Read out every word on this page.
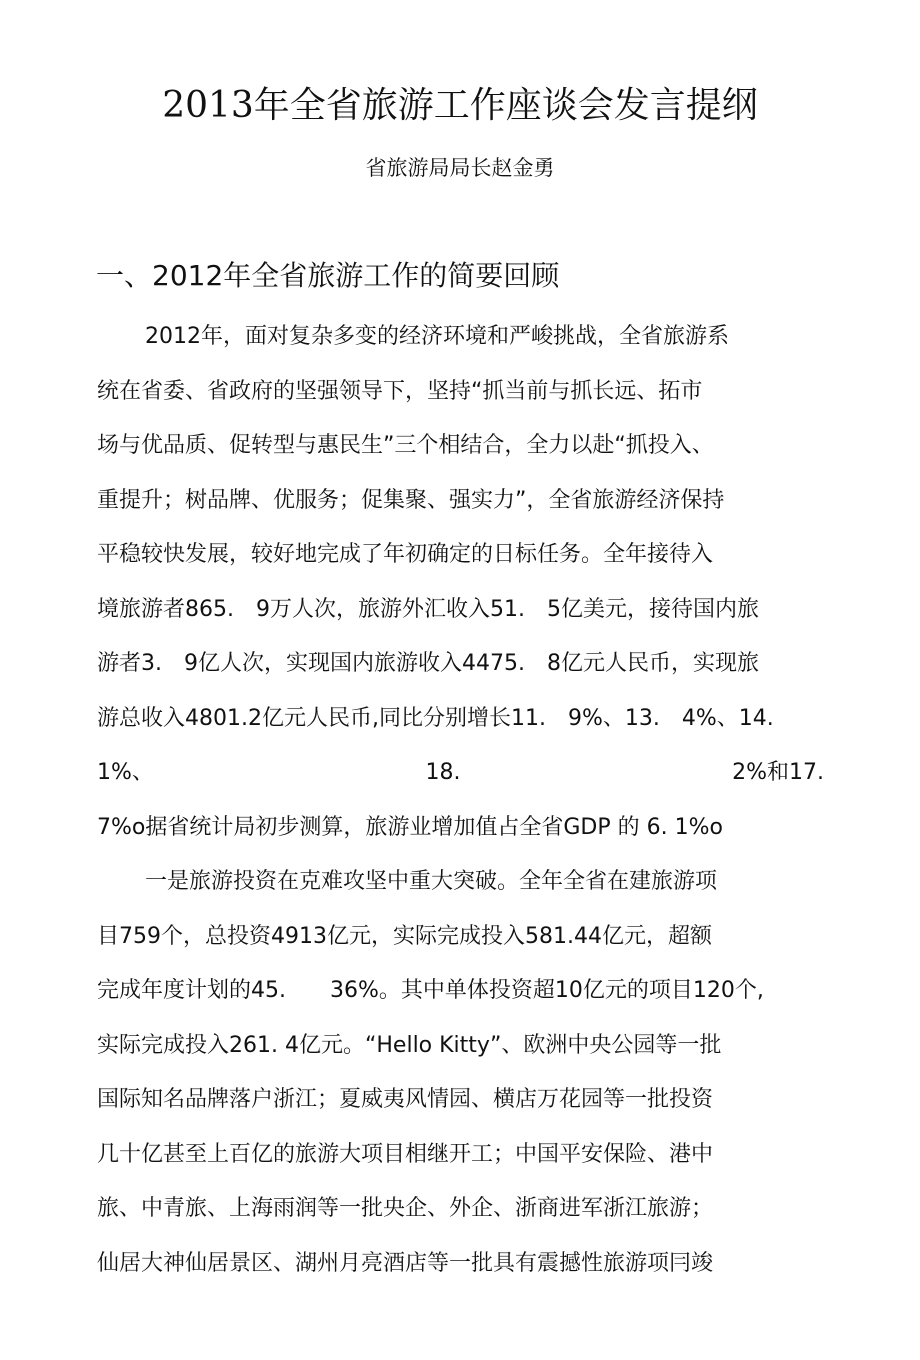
2013年全省旅游工作座谈会发言提纲
省旅游局局长赵金勇
一、2012年全省旅游工作的简要回顾
2012年，面对复杂多变的经济环境和严峻挑战，全省旅游系
统在省委、省政府的坚强领导下，坚持“抓当前与抓长远、拓市
场与优品质、促转型与惠民生”三个相结合，全力以赴“抓投入、
重提升；树品牌、优服务；促集聚、强实力”，全省旅游经济保持
平稳较快发展，较好地完成了年初确定的日标任务。全年接待入
境旅游者865.　9万人次，旅游外汇收入51.　5亿美元，接待国内旅
游者3.　9亿人次，实现国内旅游收入4475.　8亿元人民币，实现旅
游总收入4801.2亿元人民币,同比分别增长11.　9%、13.　4%、14.
1%、	18.	2%和17.
7%o据省统计局初步测算，旅游业增加值占全省GDP 的 6. 1%o
一是旅游投资在克难攻坚中重大突破。全年全省在建旅游项
目759个，总投资4913亿元，实际完成投入581.44亿元，超额
完成年度计划的45.　　36%。其中单体投资超10亿元的项目120个,
实际完成投入261. 4亿元。“Hello Kitty”、欧洲中央公园等一批
国际知名品牌落户浙江；夏威夷风情园、横店万花园等一批投资
几十亿甚至上百亿的旅游大项目相继开工；中国平安保险、港中
旅、中青旅、上海雨润等一批央企、外企、浙商进军浙江旅游；
仙居大神仙居景区、湖州月亮酒店等一批具有震撼性旅游项冃竣
